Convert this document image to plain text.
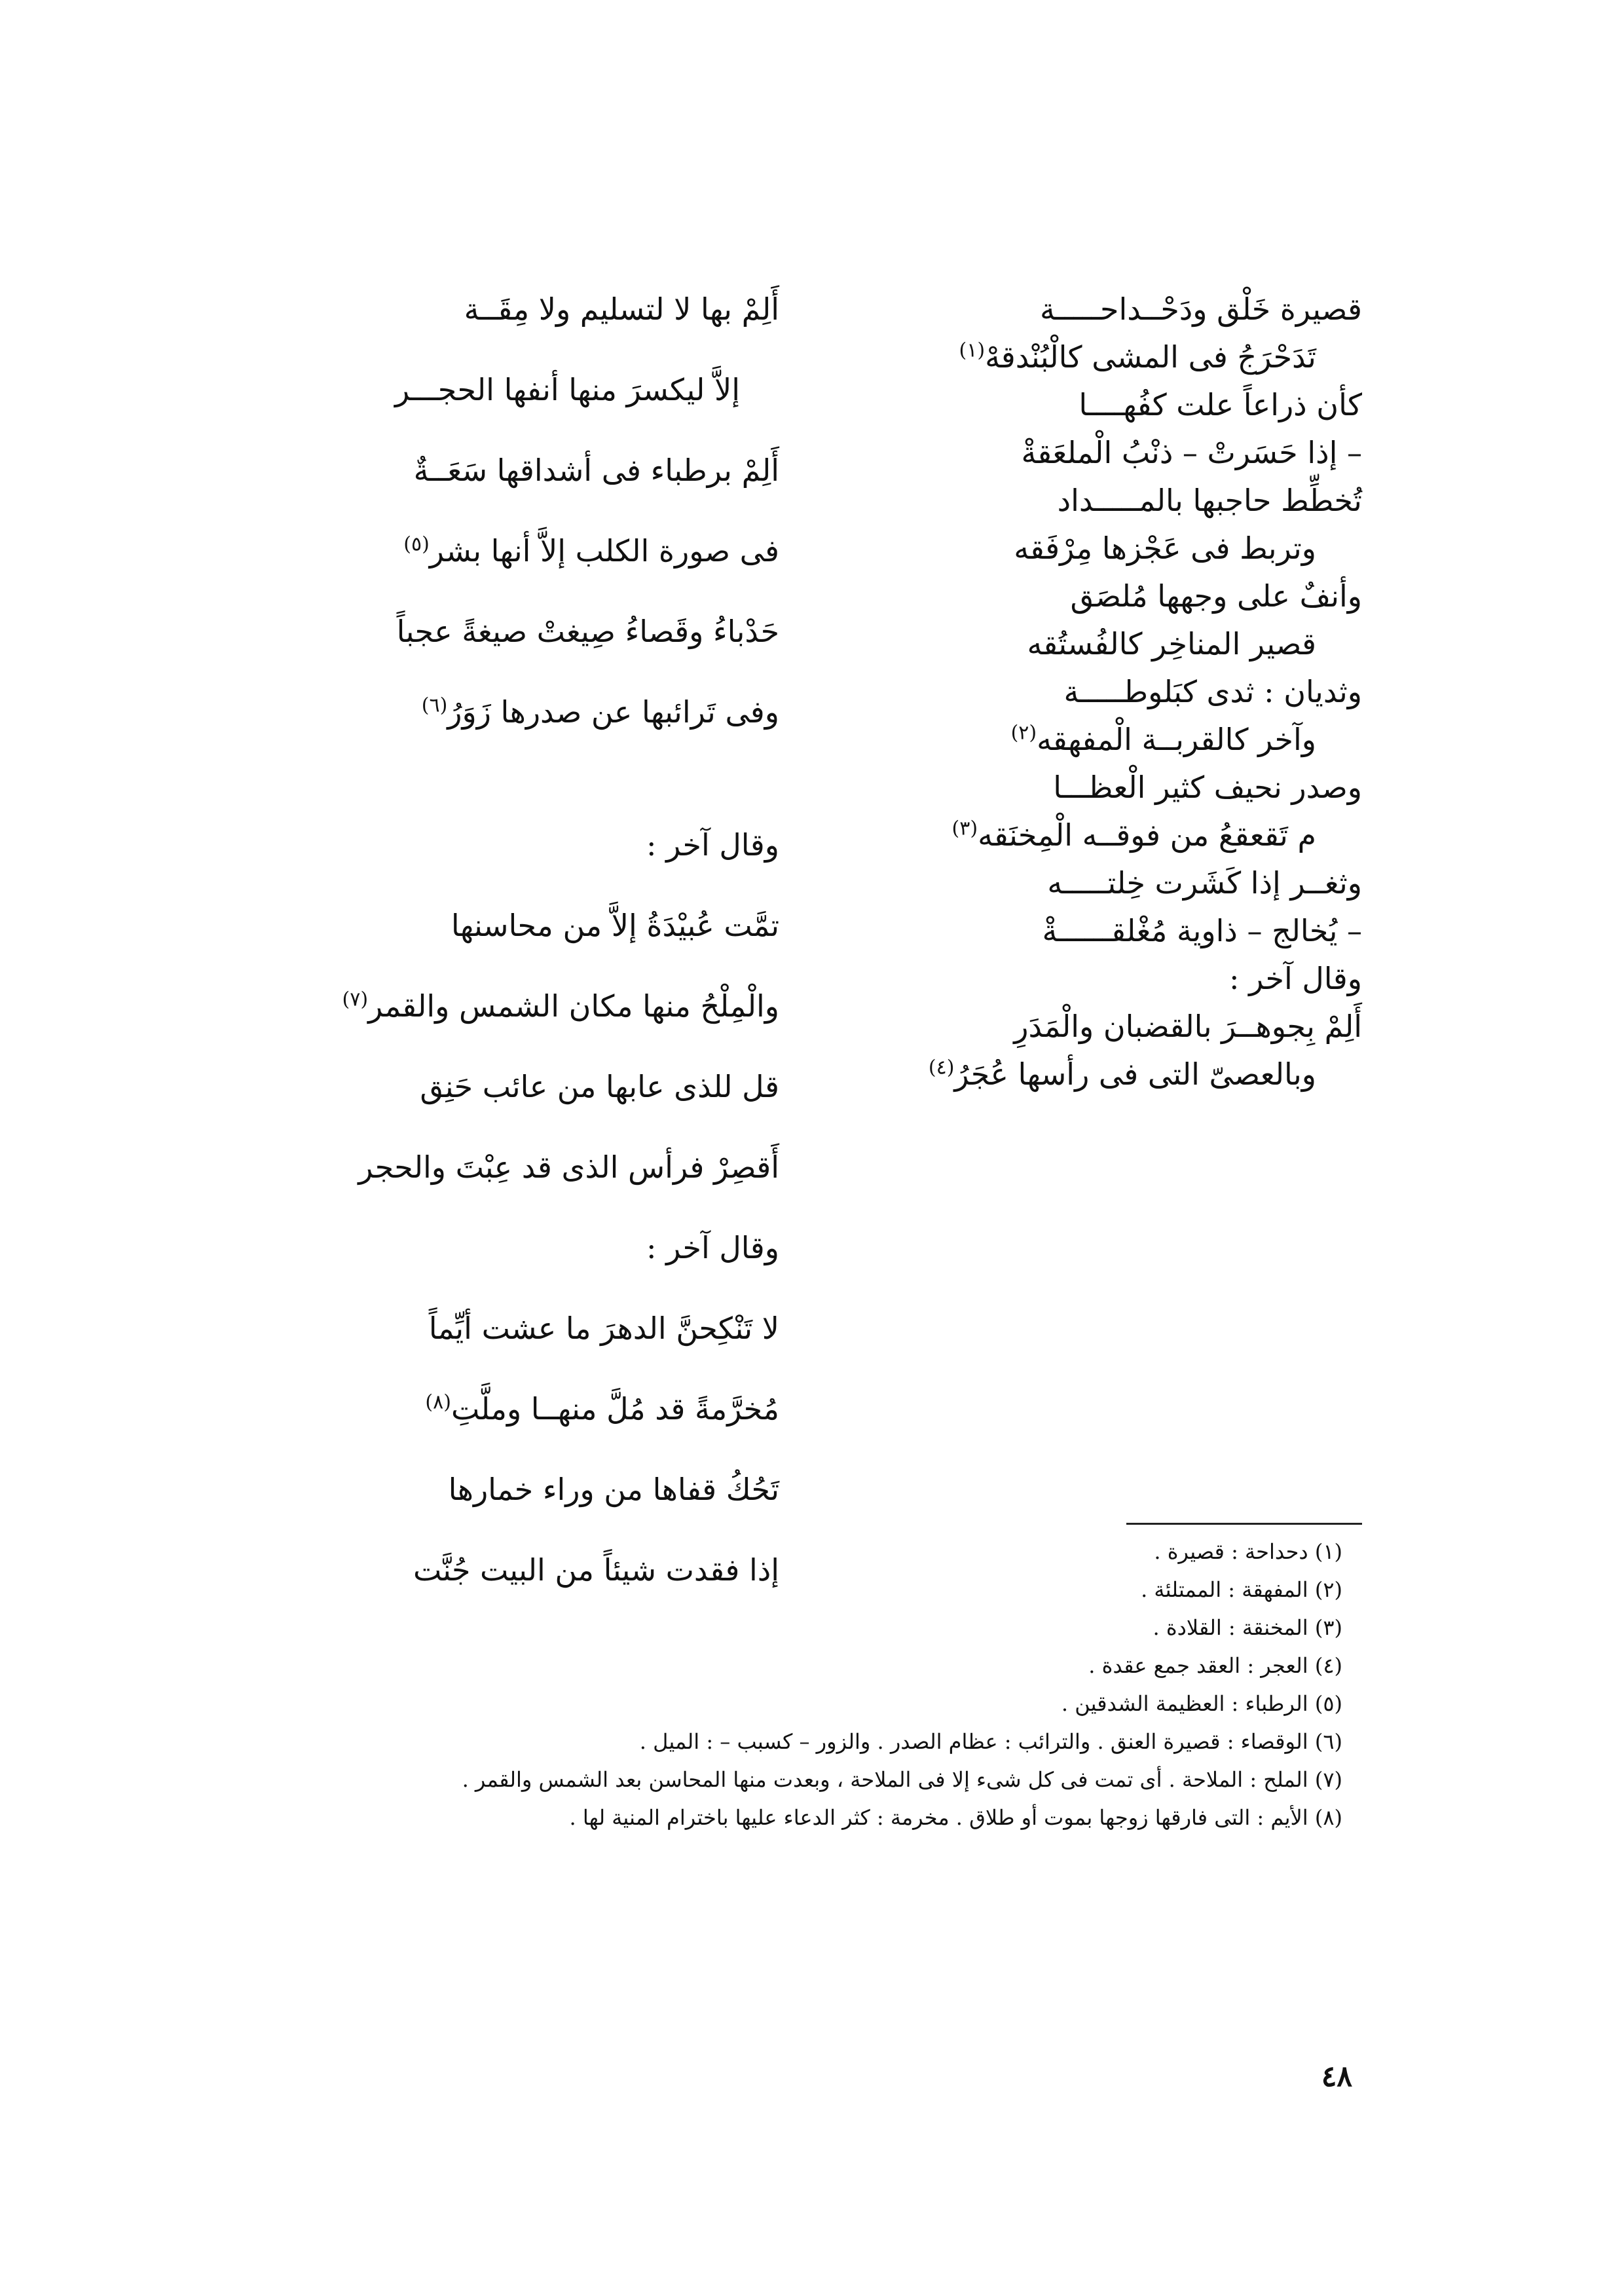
قصيرة خَلْق ودَحْــداحـــــة

تَدَحْرَجُ فى المشى كالْبُنْدقهْ$^{(١)}$

كأن ذراعاً علت كفُهــــا

– إذا حَسَرتْ – ذنْبُ الْملعَقةْ

تُخطِّط حاجبها بالمـــــداد

وتربط فى عَجْزها مِرْفَقه

وأنفٌ على وجهها مُلصَق

قصير المناخِر كالفُستُقه

وثديان : ثدى كبَلوطـــــة

وآخر كالقربــة الْمفهقه$^{(٢)}$

وصدر نحيف كثير الْعظـــا

م تَقعقعُ من فوقــه الْمِخنَقه$^{(٣)}$

وثغــر إذا كَشَرت خِلتـــــه

– يُخالج – ذاوية مُغْلقــــــةْ

وقال آخر :

أَلِمْ بِجوهــرَ بالقضبان والْمَدَرِ

وبالعصىّ التى فى رأسها عُجَرُ$^{(٤)}$

أَلِمْ بها لا لتسليم ولا مِقَــة

إلاَّ ليكسرَ منها أنفها الحجـــر

أَلِمْ برطباء فى أشداقها سَعَــةٌ

فى صورة الكلب إلاَّ أنها بشر$^{(٥)}$

حَدْباءُ وقَصاءُ صِيغتْ صيغةً عجباً

وفى تَرائبها عن صدرها زَوَرُ$^{(٦)}$

وقال آخر :

تمَّت عُبيْدَةُ إلاَّ من محاسنها

والْمِلْحُ منها مكان الشمس والقمر$^{(٧)}$

قل للذى عابها من عائب حَنِق

أَقصِرْ فرأس الذى قد عِبْتَ والحجر

وقال آخر :

لا تَنْكِحنَّ الدهرَ ما عشت أيِّماً

مُخرَّمةً قد مُلَّ منهــا وملَّتِ$^{(٨)}$

تَحُكُ قفاها من وراء خمارها

إذا فقدت شيئاً من البيت جُنَّت

(١) دحداحة : قصيرة .

(٢) المفهقة : الممتلئة .

(٣) المخنقة : القلادة .

(٤) العجر : العقد جمع عقدة .

(٥) الرطباء : العظيمة الشدقين .

(٦) الوقصاء : قصيرة العنق . والترائب : عظام الصدر . والزور – كسبب – : الميل .

(٧) الملح : الملاحة . أى تمت فى كل شىء إلا فى الملاحة ، وبعدت منها المحاسن بعد الشمس والقمر .

(٨) الأيم : التى فارقها زوجها بموت أو طلاق . مخرمة : كثر الدعاء عليها باخترام المنية لها .

٤٨
